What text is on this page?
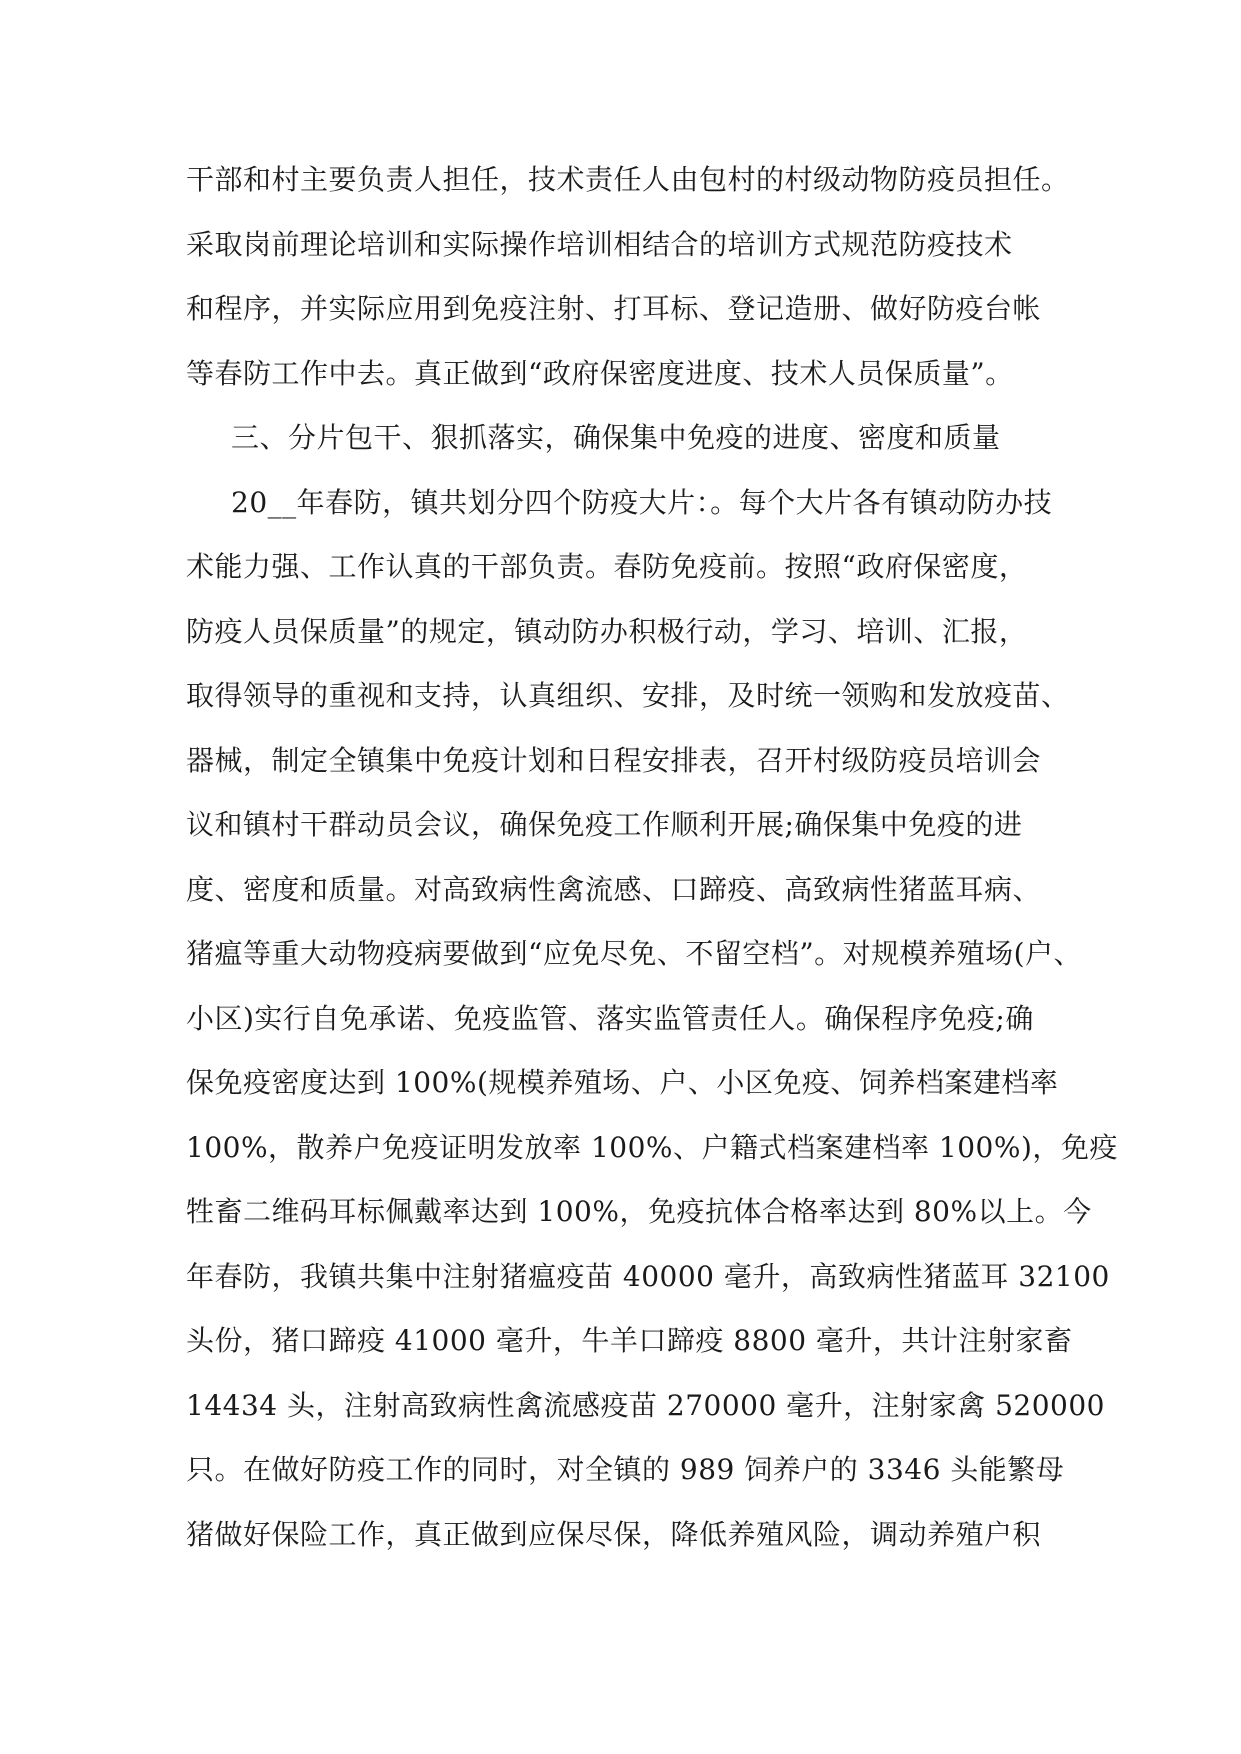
干部和村主要负责人担任，技术责任人由包村的村级动物防疫员担任。
采取岗前理论培训和实际操作培训相结合的培训方式规范防疫技术
和程序，并实际应用到免疫注射、打耳标、登记造册、做好防疫台帐
等春防工作中去。真正做到“政府保密度进度、技术人员保质量”。
三、分片包干、狠抓落实，确保集中免疫的进度、密度和质量
20__年春防，镇共划分四个防疫大片：。每个大片各有镇动防办技
术能力强、工作认真的干部负责。春防免疫前。按照“政府保密度，
防疫人员保质量”的规定，镇动防办积极行动，学习、培训、汇报，
取得领导的重视和支持，认真组织、安排，及时统一领购和发放疫苗、
器械，制定全镇集中免疫计划和日程安排表，召开村级防疫员培训会
议和镇村干群动员会议，确保免疫工作顺利开展;确保集中免疫的进
度、密度和质量。对高致病性禽流感、口蹄疫、高致病性猪蓝耳病、
猪瘟等重大动物疫病要做到“应免尽免、不留空档”。对规模养殖场(户、
小区)实行自免承诺、免疫监管、落实监管责任人。确保程序免疫;确
保免疫密度达到 100%(规模养殖场、户、小区免疫、饲养档案建档率
100%，散养户免疫证明发放率 100%、户籍式档案建档率 100%)，免疫
牲畜二维码耳标佩戴率达到 100%，免疫抗体合格率达到 80%以上。今
年春防，我镇共集中注射猪瘟疫苗 40000 毫升，高致病性猪蓝耳 32100
头份，猪口蹄疫 41000 毫升，牛羊口蹄疫 8800 毫升，共计注射家畜
14434 头，注射高致病性禽流感疫苗 270000 毫升，注射家禽 520000
只。在做好防疫工作的同时，对全镇的 989 饲养户的 3346 头能繁母
猪做好保险工作，真正做到应保尽保，降低养殖风险，调动养殖户积
